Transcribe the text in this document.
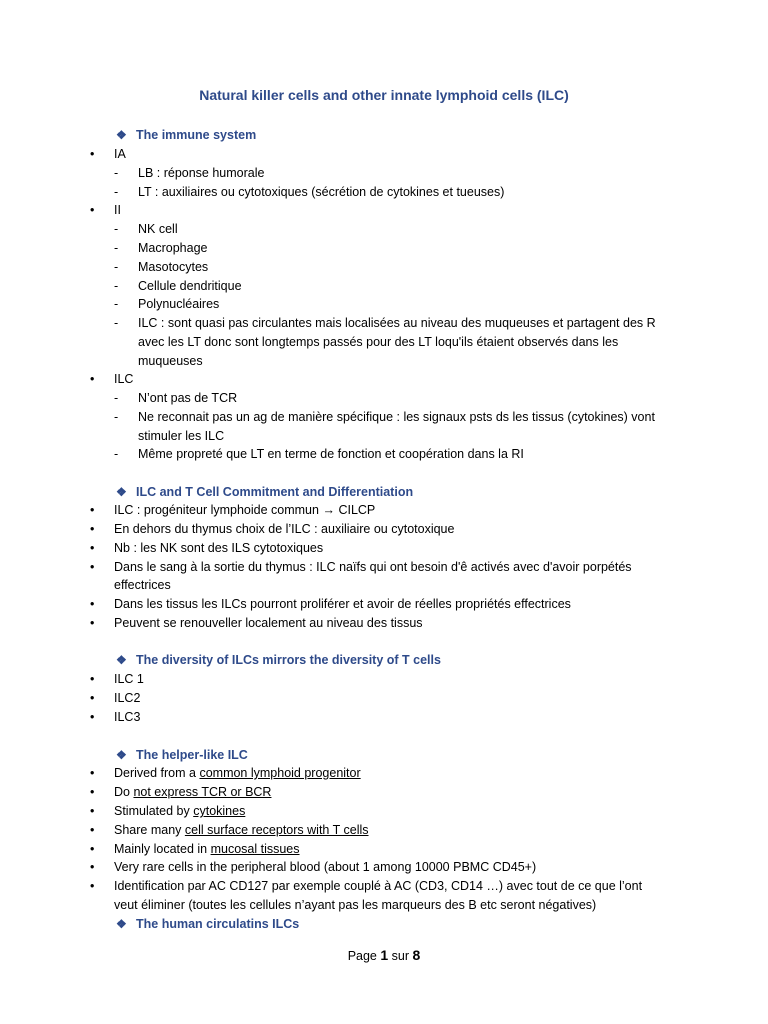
Natural killer cells and other innate lymphoid cells (ILC)
❖ The immune system
• IA
- LB : réponse humorale
- LT : auxiliaires ou cytotoxiques (sécrétion de cytokines et tueuses)
• II
- NK cell
- Macrophage
- Masotocytes
- Cellule dendritique
- Polynucléaires
- ILC : sont quasi pas circulantes mais localisées au niveau des muqueuses et partagent des R
avec les LT donc sont longtemps passés pour des LT loqu'ils étaient observés dans les
muqueuses
• ILC
- N’ont pas de TCR
- Ne reconnait pas un ag de manière spécifique : les signaux psts ds les tissus (cytokines) vont
stimuler les ILC
- Même propreté que LT en terme de fonction et coopération dans la RI
❖ ILC and T Cell Commitment and Differentiation
• ILC : progéniteur lymphoide commun → CILCP
• En dehors du thymus choix de l’ILC : auxiliaire ou cytotoxique
• Nb : les NK sont des ILS cytotoxiques
• Dans le sang à la sortie du thymus : ILC naïfs qui ont besoin d'ê activés avec d'avoir porpétés
effectrices
• Dans les tissus les ILCs pourront proliférer et avoir de réelles propriétés effectrices
• Peuvent se renouveller localement au niveau des tissus
❖ The diversity of ILCs mirrors the diversity of T cells
• ILC 1
• ILC2
• ILC3
❖ The helper-like ILC
• Derived from a common lymphoid progenitor
• Do not express TCR or BCR
• Stimulated by cytokines
• Share many cell surface receptors with T cells
• Mainly located in mucosal tissues
• Very rare cells in the peripheral blood (about 1 among 10000 PBMC CD45+)
• Identification par AC CD127 par exemple couplé à AC (CD3, CD14 …) avec tout de ce que l’ont
veut éliminer (toutes les cellules n’ayant pas les marqueurs des B etc seront négatives)
❖ The human circulatins ILCs
Page 1 sur 8
